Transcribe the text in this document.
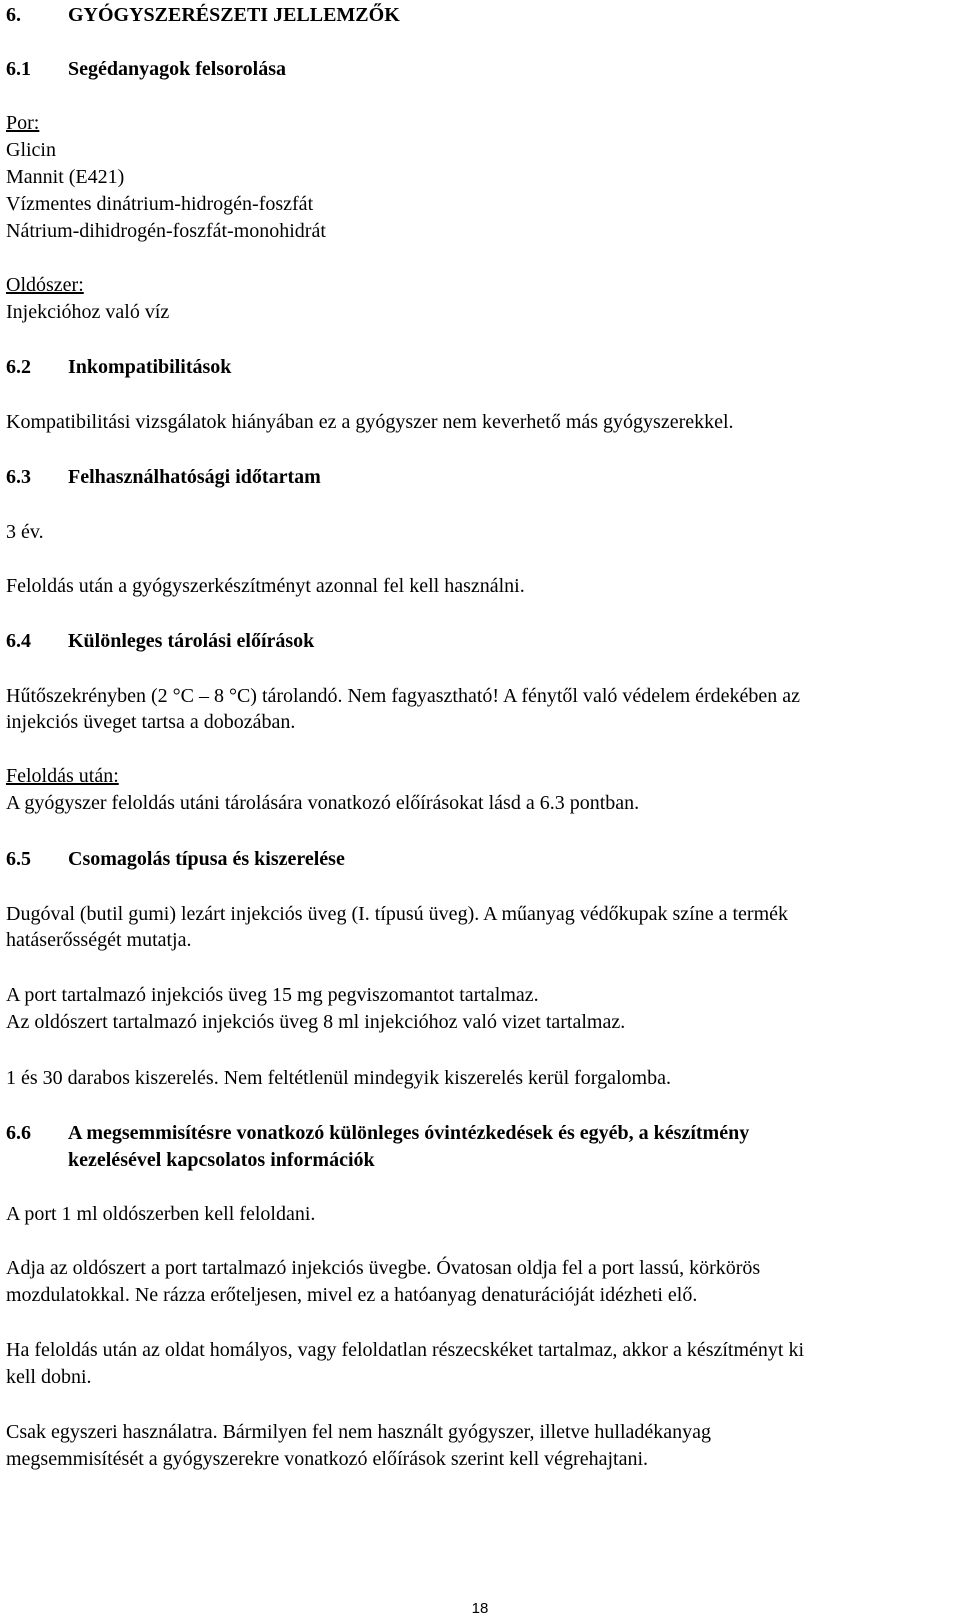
6. GYÓGYSZERÉSZETI JELLEMZŐK
6.1 Segédanyagok felsorolása

Por:

Glicin

Mannit (E421)

Vízmentes dinátrium-hidrogén-foszfát

Nátrium-dihidrogén-foszfát-monohidrát

Oldószer:

Injekcióhoz való víz

6.2 Inkompatibilitások

Kompatibilitási vizsgálatok hiányában ez a gyógyszer nem keverhető más gyógyszerekkel.

6.3 Felhasználhatósági időtartam

3 év.

Feloldás után a gyógyszerkészítményt azonnal fel kell használni.

6.4 Különleges tárolási előírások

Hűtőszekrényben (2 °C – 8 °C) tárolandó. Nem fagyasztható! A fénytől való védelem érdekében az

injekciós üveget tartsa a dobozában.

Feloldás után:

A gyógyszer feloldás utáni tárolására vonatkozó előírásokat lásd a 6.3 pontban.

6.5 Csomagolás típusa és kiszerelése

Dugóval (butil gumi) lezárt injekciós üveg (I. típusú üveg). A műanyag védőkupak színe a termék

hatáserősségét mutatja.

A port tartalmazó injekciós üveg 15 mg pegviszomantot tartalmaz.

Az oldószert tartalmazó injekciós üveg 8 ml injekcióhoz való vizet tartalmaz.

1 és 30 darabos kiszerelés. Nem feltétlenül mindegyik kiszerelés kerül forgalomba.

6.6 A megsemmisítésre vonatkozó különleges óvintézkedések és egyéb, a készítmény
kezelésével kapcsolatos információk

A port 1 ml oldószerben kell feloldani.

Adja az oldószert a port tartalmazó injekciós üvegbe. Óvatosan oldja fel a port lassú, körkörös

mozdulatokkal. Ne rázza erőteljesen, mivel ez a hatóanyag denaturációját idézheti elő.

Ha feloldás után az oldat homályos, vagy feloldatlan részecskéket tartalmaz, akkor a készítményt ki

kell dobni.

Csak egyszeri használatra. Bármilyen fel nem használt gyógyszer, illetve hulladékanyag

megsemmisítését a gyógyszerekre vonatkozó előírások szerint kell végrehajtani.

18
